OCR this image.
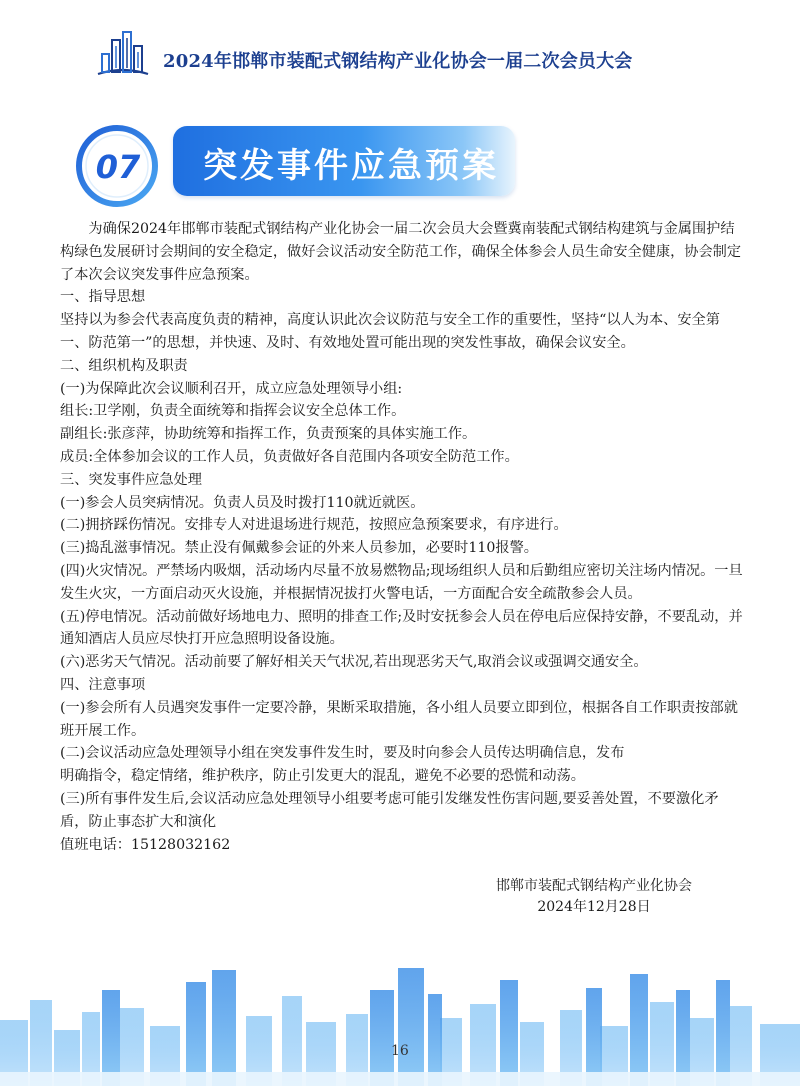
2024年邯郸市装配式钢结构产业化协会一届二次会员大会
07 突发事件应急预案

为确保2024年邯郸市装配式钢结构产业化协会一届二次会员大会暨冀南装配式钢结构建筑与金属围护结构绿色发展研讨会期间的安全稳定，做好会议活动安全防范工作，确保全体参会人员生命安全健康，协会制定了本次会议突发事件应急预案。

一、指导思想

坚持以为参会代表高度负责的精神，高度认识此次会议防范与安全工作的重要性，坚持“以人为本、安全第一、防范第一”的思想，并快速、及时、有效地处置可能出现的突发性事故，确保会议安全。

二、组织机构及职责

(一)为保障此次会议顺利召开，成立应急处理领导小组:

组长:卫学刚，负责全面统筹和指挥会议安全总体工作。

副组长:张彦萍，协助统筹和指挥工作，负责预案的具体实施工作。

成员:全体参加会议的工作人员，负责做好各自范围内各项安全防范工作。

三、突发事件应急处理

(一)参会人员突病情况。负责人员及时拨打110就近就医。

(二)拥挤踩伤情况。安排专人对进退场进行规范，按照应急预案要求，有序进行。

(三)捣乱滋事情况。禁止没有佩戴参会证的外来人员参加，必要时110报警。

(四)火灾情况。严禁场内吸烟，活动场内尽量不放易燃物品;现场组织人员和后勤组应密切关注场内情况。一旦发生火灾，一方面启动灭火设施，并根据情况拔打火警电话，一方面配合安全疏散参会人员。

(五)停电情况。活动前做好场地电力、照明的排查工作;及时安抚参会人员在停电后应保持安静，不要乱动，并通知酒店人员应尽快打开应急照明设备设施。

(六)恶劣天气情况。活动前要了解好相关天气状况,若出现恶劣天气,取消会议或强调交通安全。

四、注意事项

(一)参会所有人员遇突发事件一定要冷静，果断采取措施，各小组人员要立即到位，根据各自工作职责按部就班开展工作。

(二)会议活动应急处理领导小组在突发事件发生时，要及时向参会人员传达明确信息，发布

明确指令，稳定情绪，维护秩序，防止引发更大的混乱，避免不必要的恐慌和动荡。

(三)所有事件发生后,会议活动应急处理领导小组要考虑可能引发继发性伤害问题,要妥善处置，不要激化矛盾，防止事态扩大和演化

值班电话：15128032162

邯郸市装配式钢结构产业化协会
2024年12月28日
16
